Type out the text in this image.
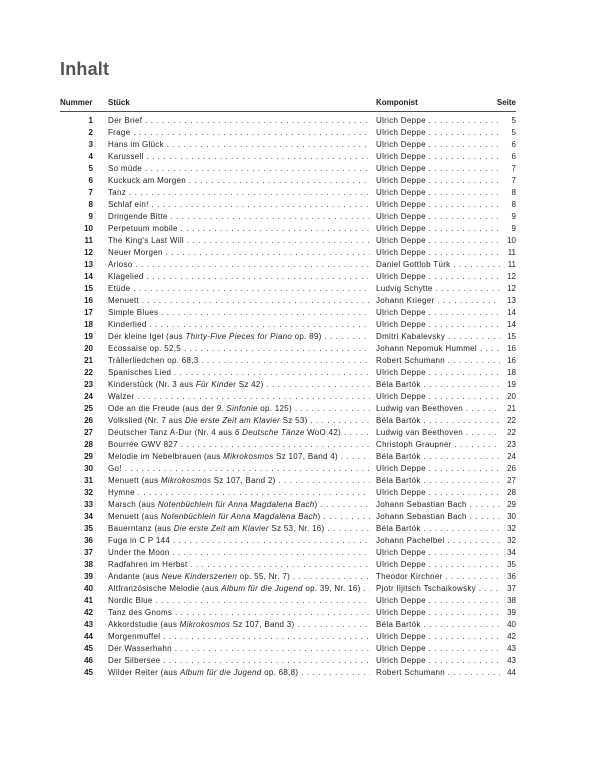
Inhalt
Nummer Stück	Komponist	Seite
1 Der Brief . . .	Ulrich Deppe . . .	5
2 Frage . . .	Ulrich Deppe . . .	5
3 Hans im Glück . . .	Ulrich Deppe . . .	6
4 Karussell . . .	Ulrich Deppe . . .	6
5 So müde . . .	Ulrich Deppe . . .	7
6 Kuckuck am Morgen . . .	Ulrich Deppe . . .	7
7 Tanz . . .	Ulrich Deppe . . .	8
8 Schlaf ein! . . .	Ulrich Deppe . . .	8
9 Dringende Bitte . . .	Ulrich Deppe . . .	9
10 Perpetuum mobile . . .	Ulrich Deppe . . .	9
11 The King's Last Will . . .	Ulrich Deppe . . .	10
12 Neuer Morgen . . .	Ulrich Deppe . . .	11
13 Arioso . . .	Daniel Gottlob Türk . . .	11
14 Klagelied . . .	Ulrich Deppe . . .	12
15 Etüde . . .	Ludvig Schytte . . .	12
16 Menuett . . .	Johann Krieger . . .	13
17 Simple Blues . . .	Ulrich Deppe . . .	14
18 Kinderlied . . .	Ulrich Deppe . . .	14
19 Der kleine Igel (aus Thirty-Five Pieces for Piano op. 89) . . .	Dmitri Kabalevsky . . .	15
20 Ecossaise op. 52,5 . . .	Johann Nepomuk Hummel . . .	16
21 Trällerliedchen op. 68,3 . . .	Robert Schumann . . .	16
22 Spanisches Lied . . .	Ulrich Deppe . . .	18
23 Kinderstück (Nr. 3 aus Für Kinder Sz 42) . . .	Béla Bartók . . .	19
24 Walzer . . .	Ulrich Deppe . . .	20
25 Ode an die Freude (aus der 9. Sinfonie op. 125) . . .	Ludwig van Beethoven . . .	21
26 Volkslied (Nr. 7 aus Die erste Zeit am Klavier Sz 53) . . .	Béla Bartók . . .	22
27 Deutscher Tanz A-Dur (Nr. 4 aus 6 Deutsche Tänze WoO 42) . . .	Ludwig van Beethoven . . .	22
28 Bourrée GWV 827 . . .	Christoph Graupner . . .	23
29 Melodie im Nebelbrauen (aus Mikrokosmos Sz 107, Band 4) . . .	Béla Bartók . . .	24
30 Go! . . .	Ulrich Deppe . . .	26
31 Menuett (aus Mikrokosmos Sz 107, Band 2) . . .	Béla Bartók . . .	27
32 Hymne . . .	Ulrich Deppe . . .	28
33 Marsch (aus Notenbüchlein für Anna Magdalena Bach) . . .	Johann Sebastian Bach . . .	29
34 Menuett (aus Notenbüchlein für Anna Magdalena Bach) . . .	Johann Sebastian Bach . . .	30
35 Bauerntanz (aus Die erste Zeit am Klavier Sz 53, Nr. 16) . . .	Béla Bartók . . .	32
36 Fuga in C P 144 . . .	Johann Pachelbel . . .	32
37 Under the Moon . . .	Ulrich Deppe . . .	34
38 Radfahren im Herbst . . .	Ulrich Deppe . . .	35
39 Andante (aus Neue Kinderszenen op. 55, Nr. 7) . . .	Theodor Kirchner . . .	36
40 Altfranzösische Melodie (aus Album für die Jugend op. 39, Nr. 16) . . .	Pjotr Iljitsch Tschaikowsky . . .	37
41 Nordic Blue . . .	Ulrich Deppe . . .	38
42 Tanz des Gnoms . . .	Ulrich Deppe . . .	39
43 Akkordstudie (aus Mikrokosmos Sz 107, Band 3) . . .	Béla Bartók . . .	40
44 Morgenmuffel . . .	Ulrich Deppe . . .	42
45 Der Wasserhahn . . .	Ulrich Deppe . . .	43
46 Der Silbersee . . .	Ulrich Deppe . . .	43
45 Wilder Reiter (aus Album für die Jugend op. 68,8) . . .	Robert Schumann . . .	44
